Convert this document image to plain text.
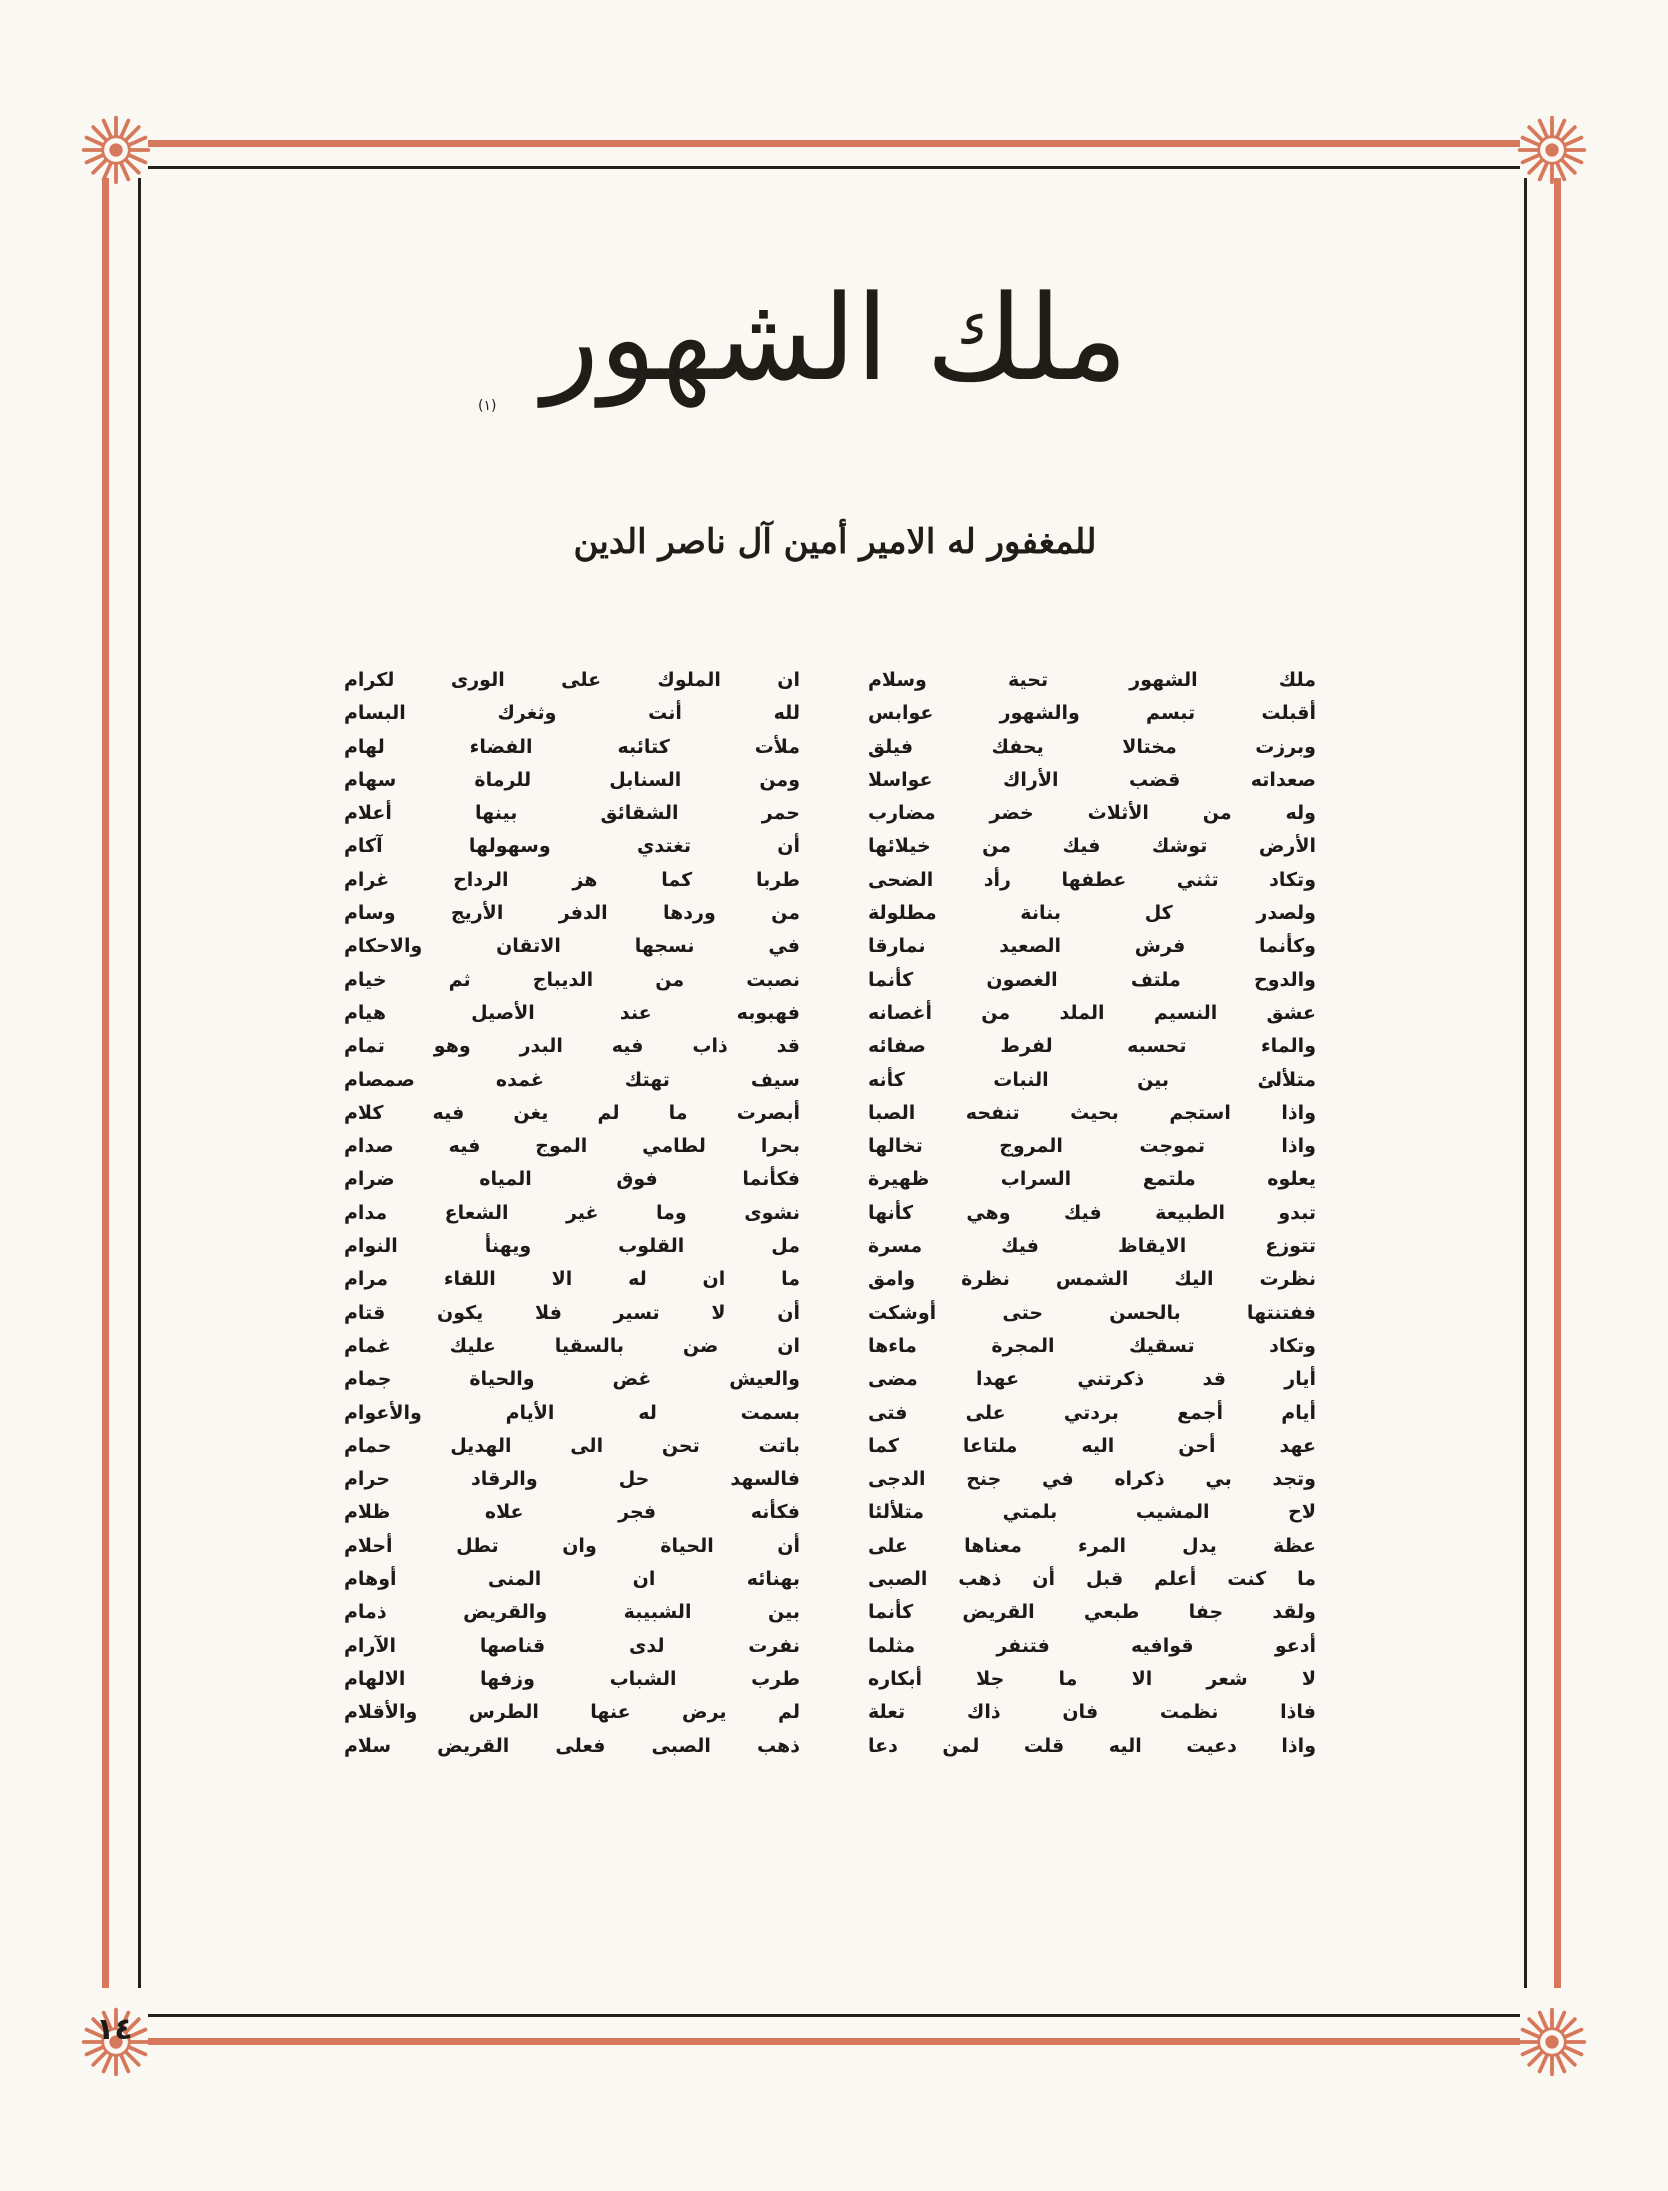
ملك الشهور
(۱)
للمغفور له الامير أمين آل ناصر الدين
ملك الشهور تحية وسلام
أقبلت تبسم والشهور عوابس
وبرزت مختالا يحفك فيلق
صعداته قضب الأراك عواسلا
وله من الأثلاث خضر مضارب
الأرض توشك فيك من خيلائها
وتكاد تثني عطفها رأد الضحى
ولصدر كل بنانة مطلولة
وكأنما فرش الصعيد نمارقا
والدوح ملتف الغصون كأنما
عشق النسيم الملد من أغصانه
والماء تحسبه لفرط صفائه
متلألئ بين النبات كأنه
واذا استجم بحيث تنفحه الصبا
واذا تموجت المروج تخالها
يعلوه ملتمع السراب ظهيرة
تبدو الطبيعة فيك وهي كأنها
تتوزع الايقاظ فيك مسرة
نظرت اليك الشمس نظرة وامق
ففتنتها بالحسن حتى أوشكت
وتكاد تسقيك المجرة ماءها
أيار قد ذكرتني عهدا مضى
أيام أجمع بردتي على فتى
عهد أحن اليه ملتاعا كما
وتجد بي ذكراه في جنح الدجى
لاح المشيب بلمتي متلألئا
عظة يدل المرء معناها على
ما كنت أعلم قبل أن ذهب الصبى
ولقد جفا طبعي القريض كأنما
أدعو قوافيه فتنفر مثلما
لا شعر الا ما جلا أبكاره
فاذا نظمت فان ذاك تعلة
واذا دعيت اليه قلت لمن دعا
ان الملوك على الورى لكرام
لله أنت وثغرك البسام
ملأت كتائبه الفضاء لهام
ومن السنابل للرماة سهام
حمر الشقائق بينها أعلام
أن تغتدي وسهولها آكام
طربا كما هز الرداح غرام
من وردها الدفر الأريج وسام
في نسجها الاتقان والاحكام
نصبت من الديباج ثم خيام
فهبوبه عند الأصيل هيام
قد ذاب فيه البدر وهو تمام
سيف تهتك غمده صمصام
أبصرت ما لم يغن فيه كلام
بحرا لطامي الموج فيه صدام
فكأنما فوق المياه ضرام
نشوى وما غير الشعاع مدام
مل القلوب ويهنأ النوام
ما ان له الا اللقاء مرام
أن لا تسير فلا يكون قتام
ان ضن بالسقيا عليك غمام
والعيش غض والحياة جمام
بسمت له الأيام والأعوام
باتت تحن الى الهديل حمام
فالسهد حل والرقاد حرام
فكأنه فجر علاه ظلام
أن الحياة وان تطل أحلام
بهنائه ان المنى أوهام
بين الشبيبة والقريض ذمام
نفرت لدى قناصها الآرام
طرب الشباب وزفها الالهام
لم يرض عنها الطرس والأقلام
ذهب الصبى فعلى القريض سلام
١٤
